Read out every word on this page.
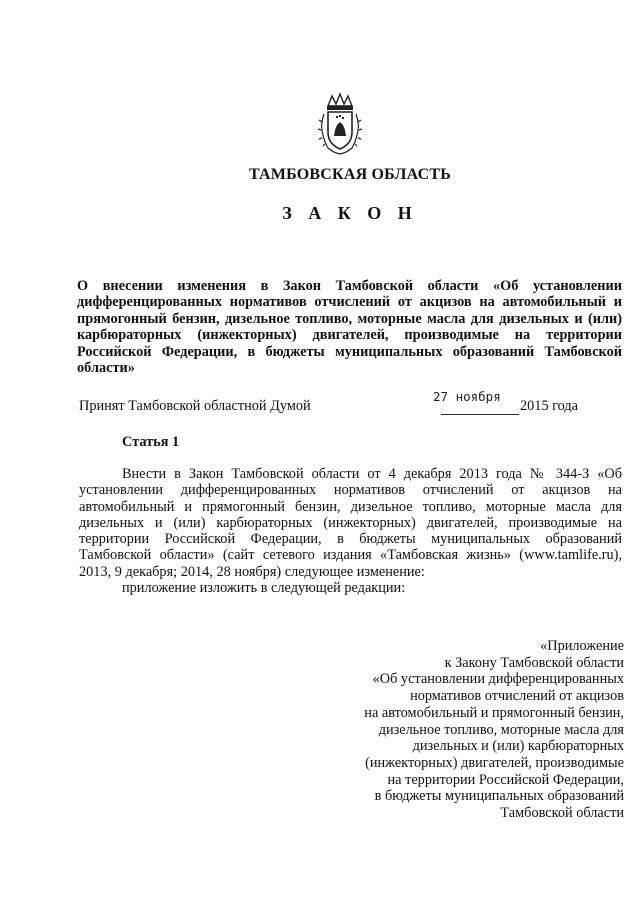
ТАМБОВСКАЯ ОБЛАСТЬ
З А К О Н
О внесении изменения в Закон Тамбовской области «Об установлении дифференцированных нормативов отчислений от акцизов на автомобильный и прямогонный бензин, дизельное топливо, моторные масла для дизельных и (или) карбюраторных (инжекторных) двигателей, производимые на территории Российской Федерации, в бюджеты муниципальных образований Тамбовской области»
Принят Тамбовской областной Думой
27 ноября
2015 года
Статья 1

Внести в Закон Тамбовской области от 4 декабря 2013 года № 344-З «Об установлении дифференцированных нормативов отчислений от акцизов на автомобильный и прямогонный бензин, дизельное топливо, моторные масла для дизельных и (или) карбюраторных (инжекторных) двигателей, производимые на территории Российской Федерации, в бюджеты муниципальных образований Тамбовской области» (сайт сетевого издания «Тамбовская жизнь» (www.tamlife.ru), 2013, 9 декабря; 2014, 28 ноября) следующее изменение:

приложение изложить в следующей редакции:

«Приложение
к Закону Тамбовской области
«Об установлении дифференцированных
нормативов отчислений от акцизов
на автомобильный и прямогонный бензин,
дизельное топливо, моторные масла для
дизельных и (или) карбюраторных
(инжекторных) двигателей, производимые
на территории Российской Федерации,
в бюджеты муниципальных образований
Тамбовской области
